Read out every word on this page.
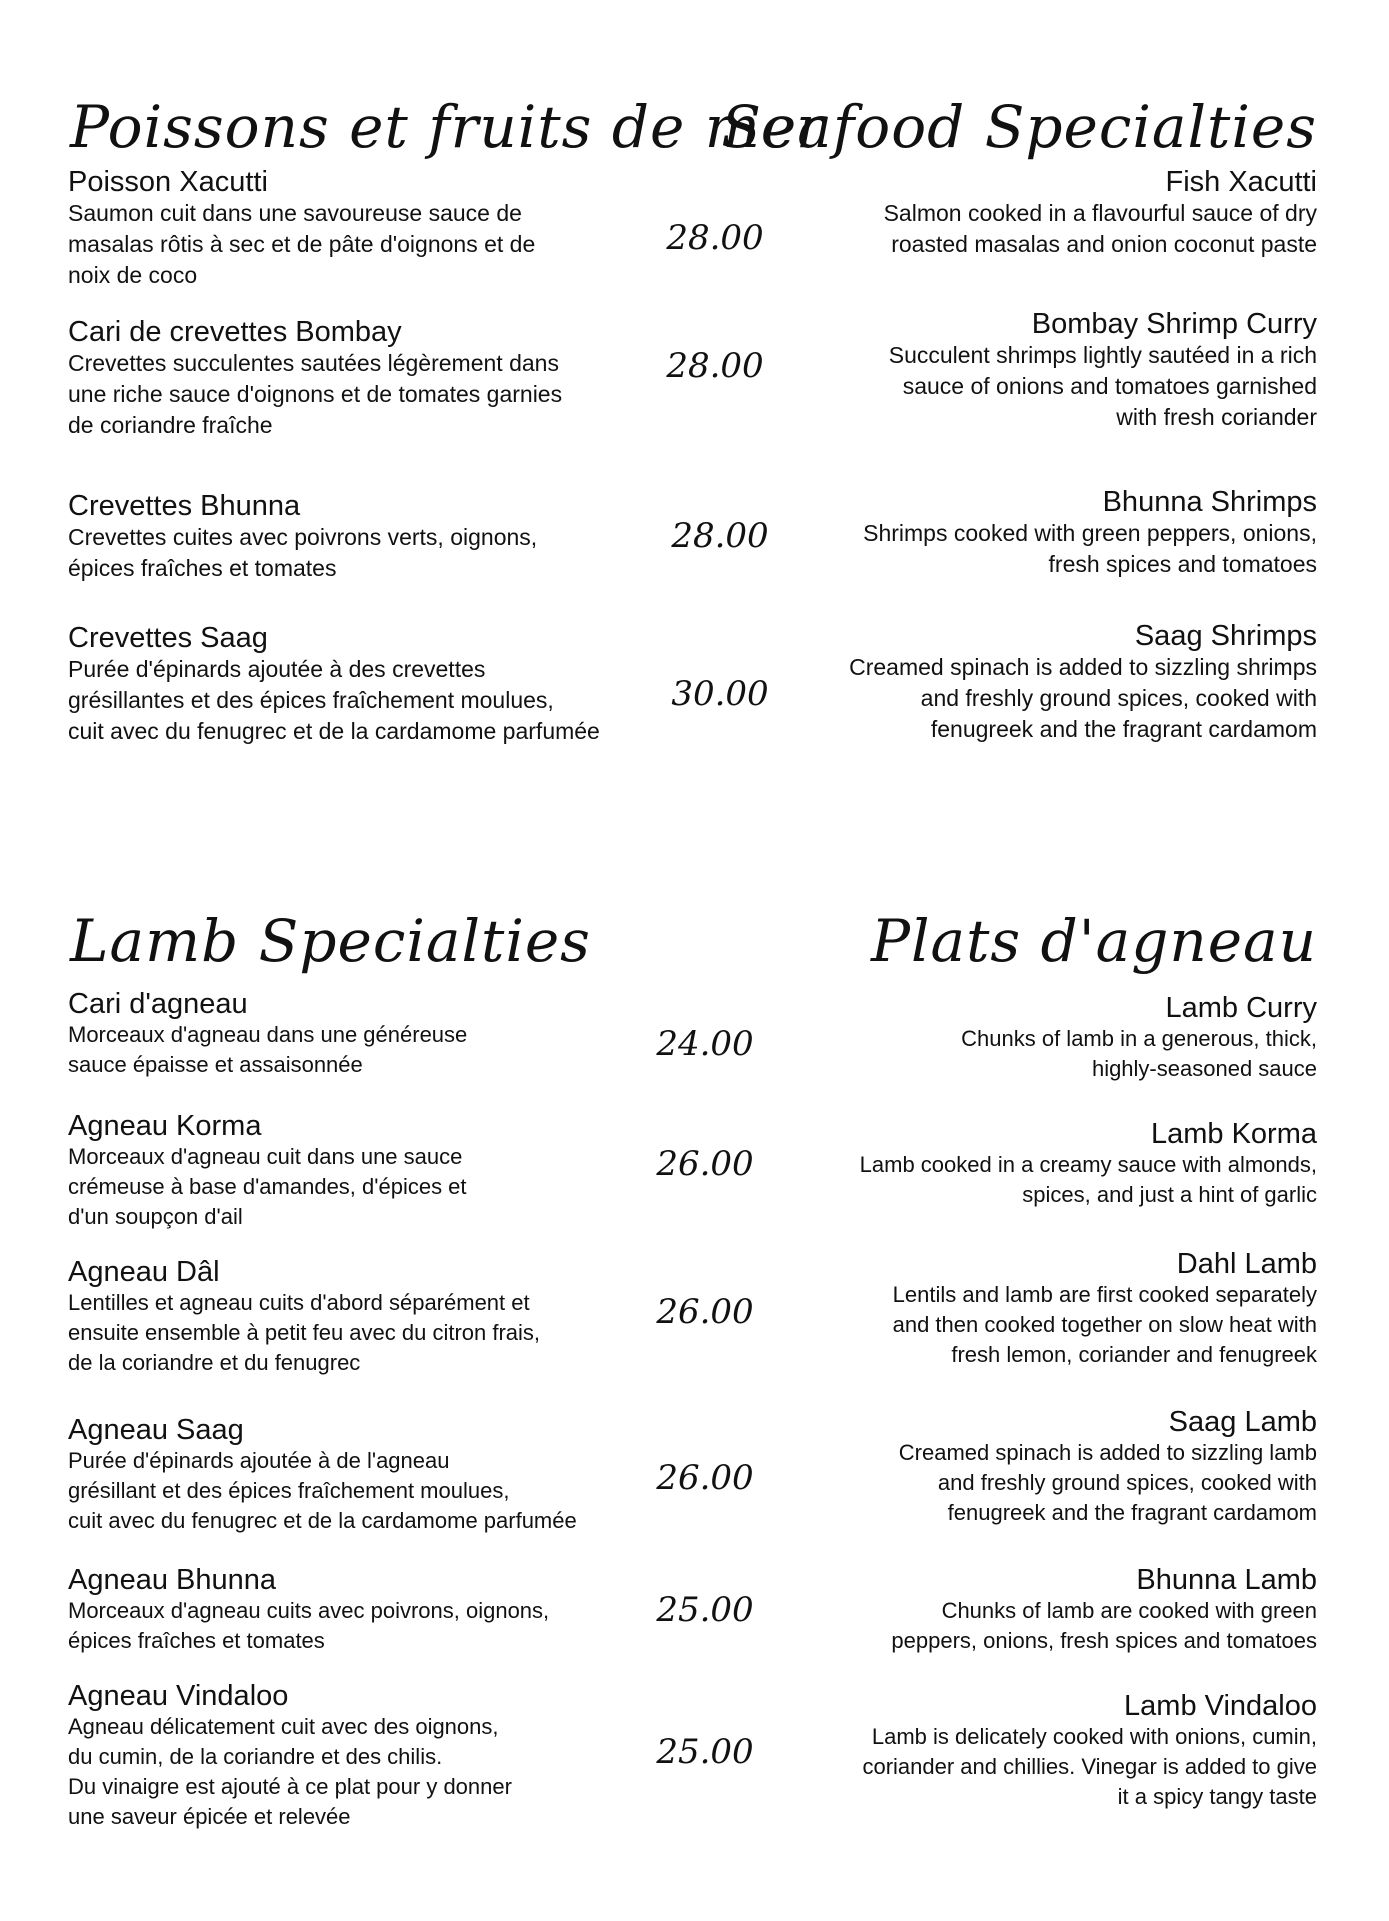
Poissons et fruits de mer
Seafood Specialties
Poisson Xacutti
Saumon cuit dans une savoureuse sauce de
masalas rôtis à sec et de pâte d'oignons et de
noix de coco
28.00
Fish Xacutti
Salmon cooked in a flavourful sauce of dry
roasted masalas and onion coconut paste
Cari de crevettes Bombay
Crevettes succulentes sautées légèrement dans
une riche sauce d'oignons et de tomates garnies
de coriandre fraîche
28.00
Bombay Shrimp Curry
Succulent shrimps lightly sautéed in a rich
sauce of onions and tomatoes garnished
with fresh coriander
Crevettes Bhunna
Crevettes cuites avec poivrons verts, oignons,
épices fraîches et tomates
28.00
Bhunna Shrimps
Shrimps cooked with green peppers, onions,
fresh spices and tomatoes
Crevettes Saag
Purée d'épinards ajoutée à des crevettes
grésillantes et des épices fraîchement moulues,
cuit avec du fenugrec et de la cardamome parfumée
30.00
Saag Shrimps
Creamed spinach is added to sizzling shrimps
and freshly ground spices, cooked with
fenugreek and the fragrant cardamom
Lamb Specialties	Plats d'agneau
Cari d'agneau
Morceaux d'agneau dans une généreuse
sauce épaisse et assaisonnée
24.00
Lamb Curry
Chunks of lamb in a generous, thick,
highly-seasoned sauce
Agneau Korma
Morceaux d'agneau cuit dans une sauce
crémeuse à base d'amandes, d'épices et
d'un soupçon d'ail
26.00
Lamb Korma
Lamb cooked in a creamy sauce with almonds,
spices, and just a hint of garlic
Agneau Dâl
Lentilles et agneau cuits d'abord séparément et
ensuite ensemble à petit feu avec du citron frais,
de la coriandre et du fenugrec
26.00
Dahl Lamb
Lentils and lamb are first cooked separately
and then cooked together on slow heat with
fresh lemon, coriander and fenugreek
Agneau Saag
Purée d'épinards ajoutée à de l'agneau
grésillant et des épices fraîchement moulues,
cuit avec du fenugrec et de la cardamome parfumée
26.00
Saag Lamb
Creamed spinach is added to sizzling lamb
and freshly ground spices, cooked with
fenugreek and the fragrant cardamom
Agneau Bhunna
Morceaux d'agneau cuits avec poivrons, oignons,
épices fraîches et tomates
25.00
Bhunna Lamb
Chunks of lamb are cooked with green
peppers, onions, fresh spices and tomatoes
Agneau Vindaloo
Agneau délicatement cuit avec des oignons,
du cumin, de la coriandre et des chilis.
Du vinaigre est ajouté à ce plat pour y donner
une saveur épicée et relevée
25.00
Lamb Vindaloo
Lamb is delicately cooked with onions, cumin,
coriander and chillies. Vinegar is added to give
it a spicy tangy taste
